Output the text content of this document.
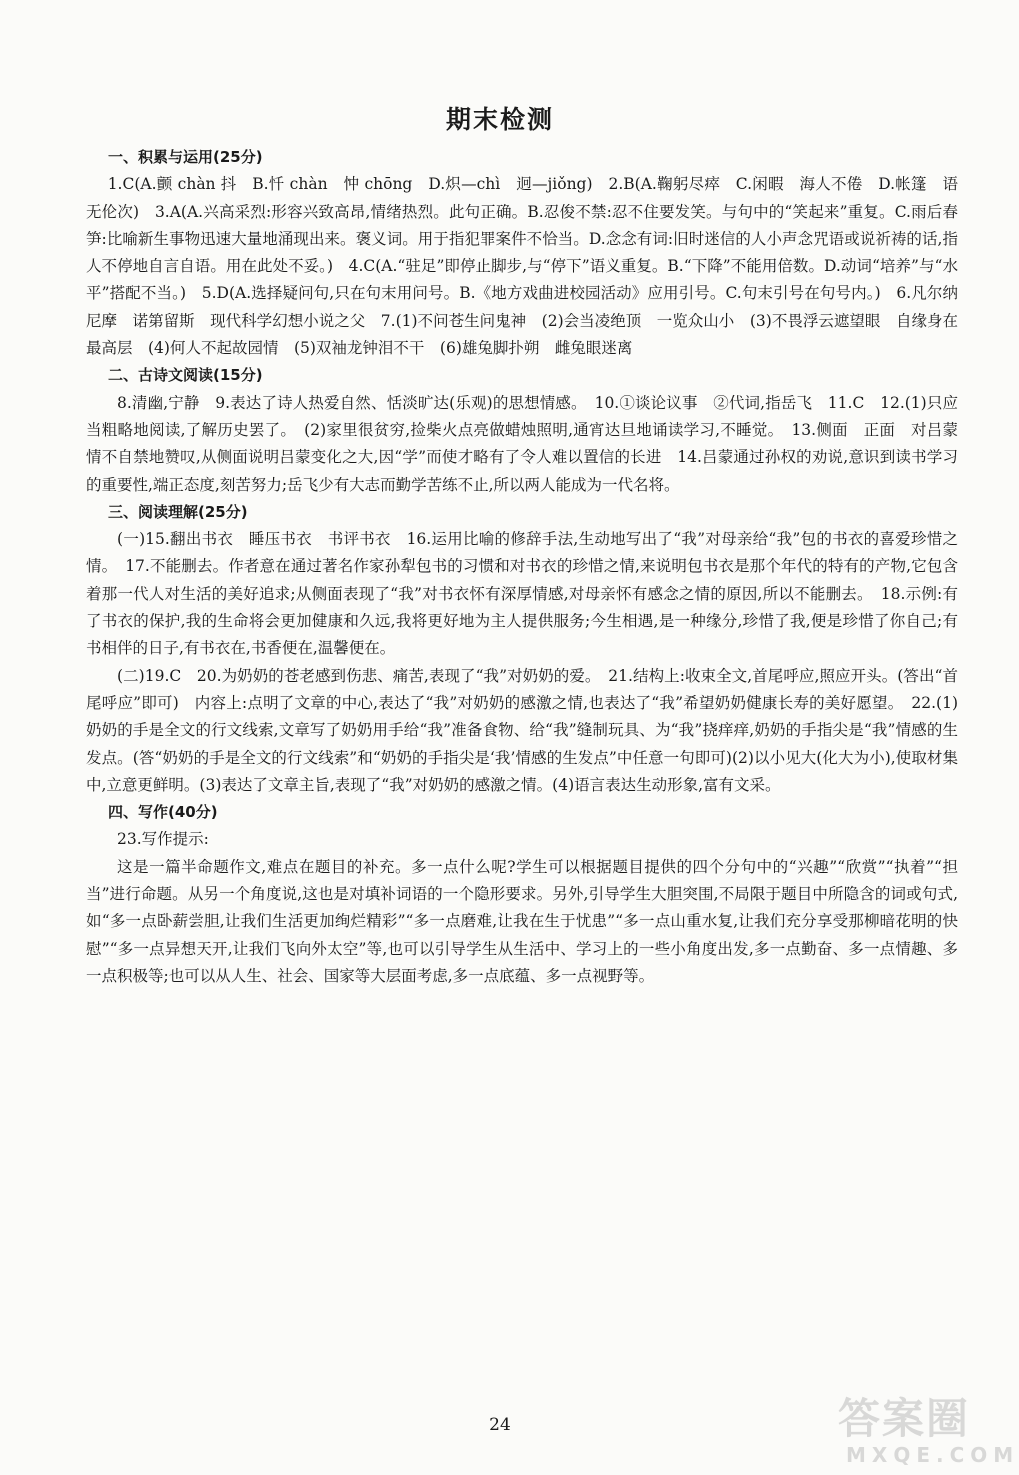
期末检测
一、积累与运用(25分)
1.C(A.颤 chàn 抖　B.忏 chàn　忡 chōng　D.炽—chì　迥—jiǒng)　2.B(A.鞠躬尽瘁　C.闲暇　海人不倦　D.帐篷　语无伦次)　3.A(A.兴高采烈:形容兴致高昂,情绪热烈。此句正确。B.忍俊不禁:忍不住要发笑。与句中的“笑起来”重复。C.雨后春笋:比喻新生事物迅速大量地涌现出来。褒义词。用于指犯罪案件不恰当。D.念念有词:旧时迷信的人小声念咒语或说祈祷的话,指人不停地自言自语。用在此处不妥。)　4.C(A.“驻足”即停止脚步,与“停下”语义重复。B.“下降”不能用倍数。D.动词“培养”与“水平”搭配不当。)　5.D(A.选择疑问句,只在句末用问号。B.《地方戏曲进校园活动》应用引号。C.句末引号在句号内。)　6.凡尔纳　尼摩　诺第留斯　现代科学幻想小说之父　7.(1)不问苍生问鬼神　(2)会当凌绝顶　一览众山小　(3)不畏浮云遮望眼　自缘身在最高层　(4)何人不起故园情　(5)双袖龙钟泪不干　(6)雄兔脚扑朔　雌兔眼迷离
二、古诗文阅读(15分)
8.清幽,宁静　9.表达了诗人热爱自然、恬淡旷达(乐观)的思想情感。　10.①谈论议事　②代词,指岳飞　11.C　12.(1)只应当粗略地阅读,了解历史罢了。　(2)家里很贫穷,捡柴火点亮做蜡烛照明,通宵达旦地诵读学习,不睡觉。　13.侧面　正面　对吕蒙情不自禁地赞叹,从侧面说明吕蒙变化之大,因“学”而使才略有了令人难以置信的长进　14.吕蒙通过孙权的劝说,意识到读书学习的重要性,端正态度,刻苦努力;岳飞少有大志而勤学苦练不止,所以两人能成为一代名将。
三、阅读理解(25分)
(一)15.翻出书衣　睡压书衣　书评书衣　16.运用比喻的修辞手法,生动地写出了“我”对母亲给“我”包的书衣的喜爱珍惜之情。　17.不能删去。作者意在通过著名作家孙犁包书的习惯和对书衣的珍惜之情,来说明包书衣是那个年代的特有的产物,它包含着那一代人对生活的美好追求;从侧面表现了“我”对书衣怀有深厚情感,对母亲怀有感念之情的原因,所以不能删去。　18.示例:有了书衣的保护,我的生命将会更加健康和久远,我将更好地为主人提供服务;今生相遇,是一种缘分,珍惜了我,便是珍惜了你自己;有书相伴的日子,有书衣在,书香便在,温馨便在。
(二)19.C　20.为奶奶的苍老感到伤悲、痛苦,表现了“我”对奶奶的爱。　21.结构上:收束全文,首尾呼应,照应开头。(答出“首尾呼应”即可)　内容上:点明了文章的中心,表达了“我”对奶奶的感激之情,也表达了“我”希望奶奶健康长寿的美好愿望。　22.(1)奶奶的手是全文的行文线索,文章写了奶奶用手给“我”准备食物、给“我”缝制玩具、为“我”挠痒痒,奶奶的手指尖是“我”情感的生发点。(答“奶奶的手是全文的行文线索”和“奶奶的手指尖是‘我’情感的生发点”中任意一句即可)(2)以小见大(化大为小),使取材集中,立意更鲜明。(3)表达了文章主旨,表现了“我”对奶奶的感激之情。(4)语言表达生动形象,富有文采。
四、写作(40分)
23.写作提示:
这是一篇半命题作文,难点在题目的补充。多一点什么呢?学生可以根据题目提供的四个分句中的“兴趣”“欣赏”“执着”“担当”进行命题。从另一个角度说,这也是对填补词语的一个隐形要求。另外,引导学生大胆突围,不局限于题目中所隐含的词或句式,如“多一点卧薪尝胆,让我们生活更加绚烂精彩”“多一点磨难,让我在生于忧患”“多一点山重水复,让我们充分享受那柳暗花明的快慰”“多一点异想天开,让我们飞向外太空”等,也可以引导学生从生活中、学习上的一些小角度出发,多一点勤奋、多一点情趣、多一点积极等;也可以从人生、社会、国家等大层面考虑,多一点底蕴、多一点视野等。
24	答案圈
MXQE.COM
